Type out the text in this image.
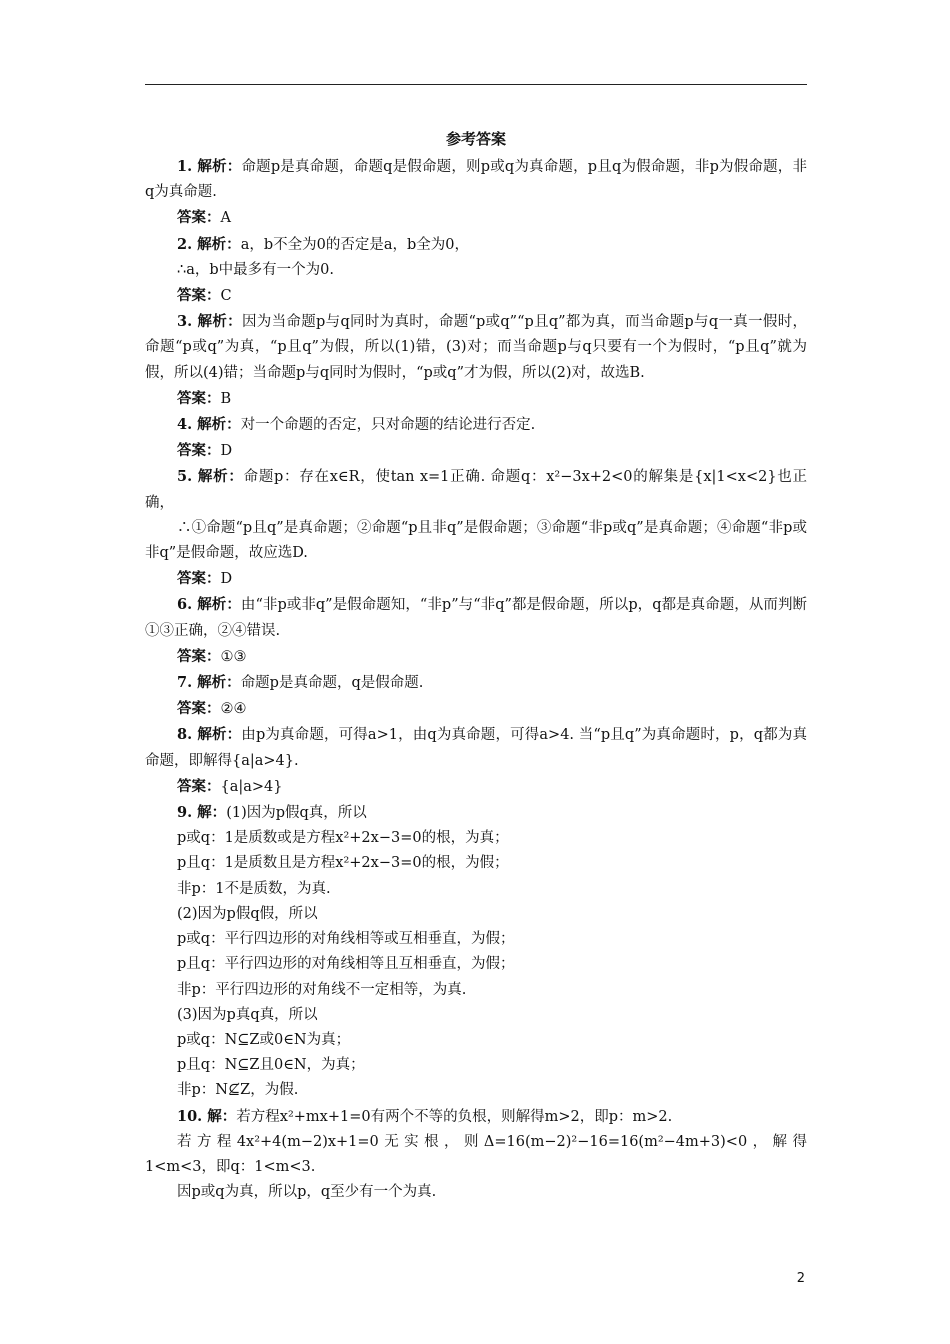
参考答案

1. 解析：命题p是真命题，命题q是假命题，则p或q为真命题，p且q为假命题，非p为假命题，非q为真命题.

答案：A

2. 解析：a，b不全为0的否定是a，b全为0，

∴a，b中最多有一个为0.

答案：C

3. 解析：因为当命题p与q同时为真时，命题“p或q”“p且q”都为真，而当命题p与q一真一假时，命题“p或q”为真，“p且q”为假，所以(1)错，(3)对；而当命题p与q只要有一个为假时，“p且q”就为假，所以(4)错；当命题p与q同时为假时，“p或q”才为假，所以(2)对，故选B.

答案：B

4. 解析：对一个命题的否定，只对命题的结论进行否定.

答案：D

5. 解析：命题p：存在x∈R，使tan x=1正确. 命题q：x²−3x+2<0的解集是{x|1<x<2}也正确，

∴①命题“p且q”是真命题；②命题“p且非q”是假命题；③命题“非p或q”是真命题；④命题“非p或非q”是假命题，故应选D.

答案：D

6. 解析：由“非p或非q”是假命题知，“非p”与“非q”都是假命题，所以p，q都是真命题，从而判断①③正确，②④错误.

答案：①③

7. 解析：命题p是真命题，q是假命题.

答案：②④

8. 解析：由p为真命题，可得a>1，由q为真命题，可得a>4. 当“p且q”为真命题时，p，q都为真命题，即解得{a|a>4}.

答案：{a|a>4}

9. 解：(1)因为p假q真，所以

p或q：1是质数或是方程x²+2x−3=0的根，为真；

p且q：1是质数且是方程x²+2x−3=0的根，为假；

非p：1不是质数，为真.

(2)因为p假q假，所以

p或q：平行四边形的对角线相等或互相垂直，为假；

p且q：平行四边形的对角线相等且互相垂直，为假；

非p：平行四边形的对角线不一定相等，为真.

(3)因为p真q真，所以

p或q：N⊆Z或0∈N为真；

p且q：N⊆Z且0∈N，为真；

非p：N⊈Z，为假.

10. 解：若方程x²+mx+1=0有两个不等的负根，则解得m>2，即p：m>2.

若方程4x²+4(m−2)x+1=0无实根，则Δ=16(m−2)²−16=16(m²−4m+3)<0，解得1<m<3，即q：1<m<3.

因p或q为真，所以p，q至少有一个为真.

2
